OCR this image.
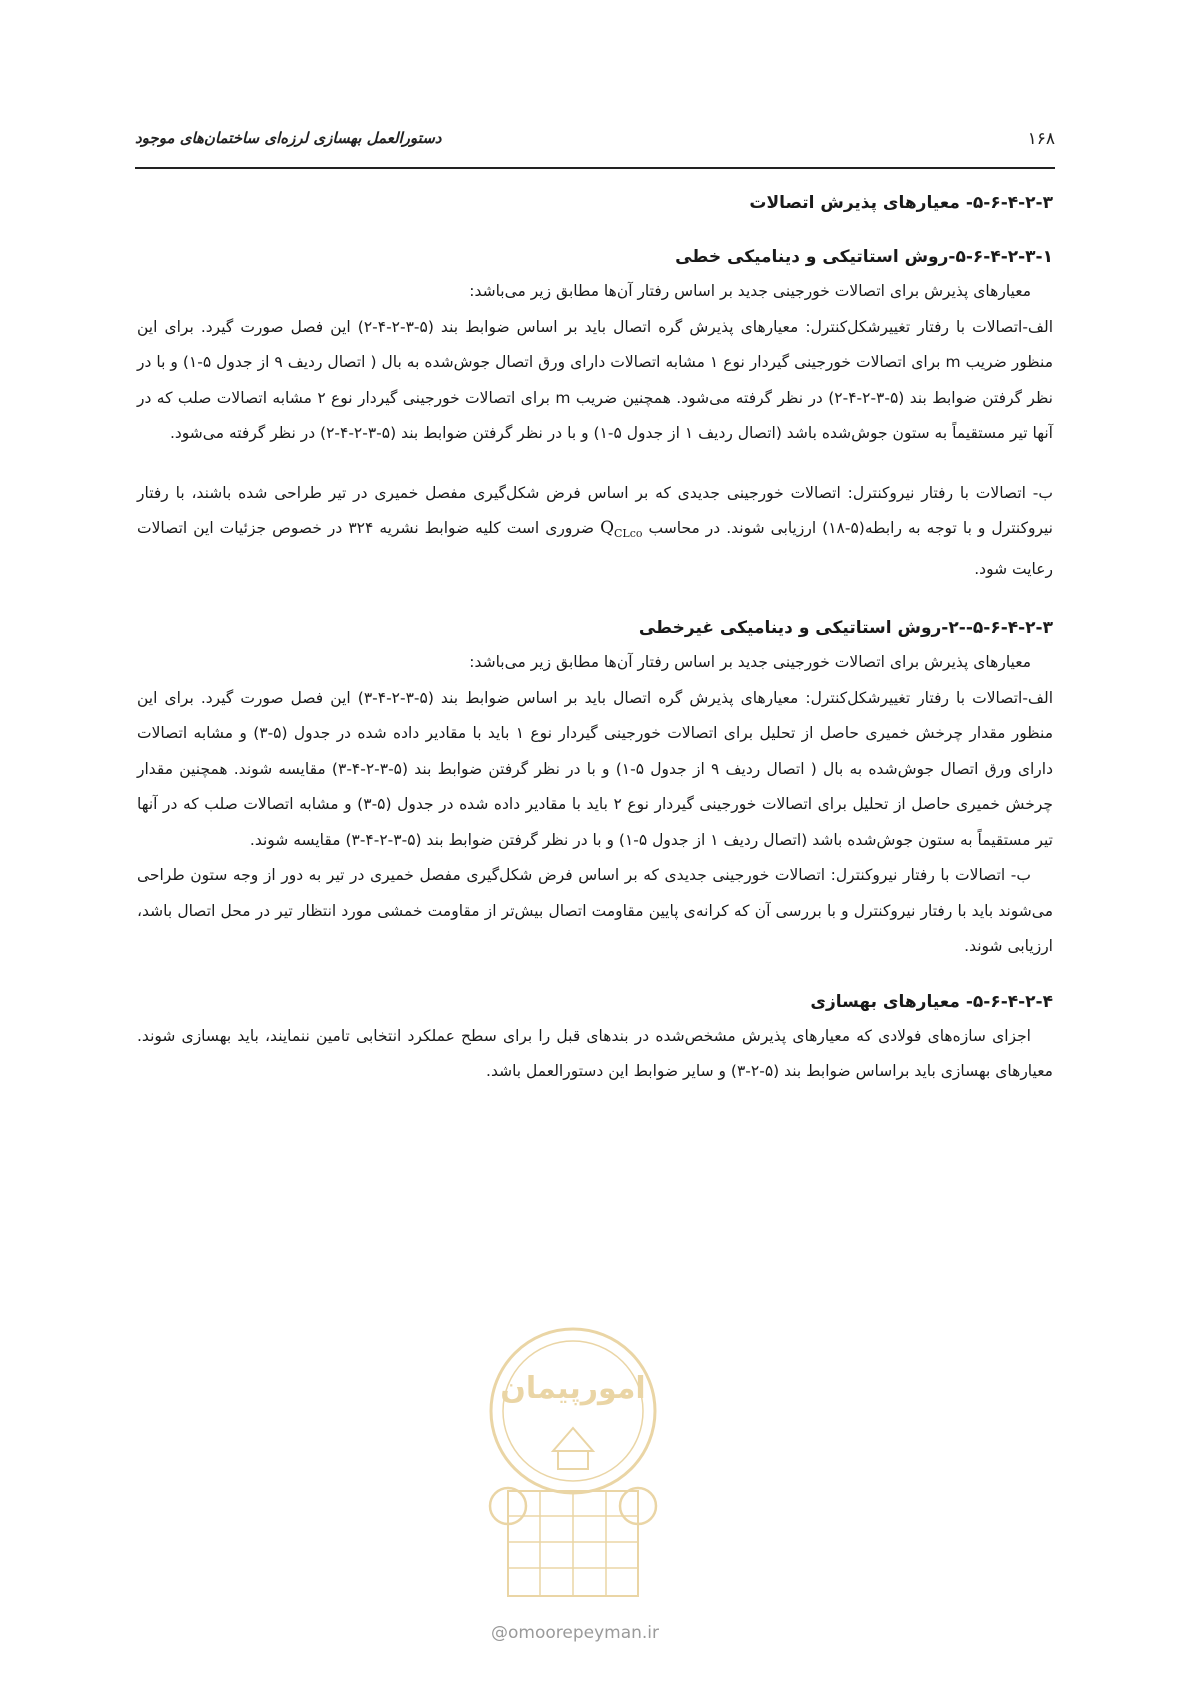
۱۶۸
دستورالعمل بهسازی لرزه‌ای ساختمان‌های موجود
۵-۶-۴-۲-۳- معیارهای پذیرش اتصالات
۵-۶-۴-۲-۳-۱-روش استاتیکی و دینامیکی خطی

معیارهای پذیرش برای اتصالات خورجینی جدید بر اساس رفتار آن‌ها مطابق زیر می‌باشد:

الف-اتصالات با رفتار تغییرشکل‌کنترل: معیارهای پذیرش گره اتصال باید بر اساس ضوابط بند (۵-۳-۲-۴-۲) این فصل صورت گیرد. برای این منظور ضریب m برای اتصالات خورجینی گیردار نوع ۱ مشابه اتصالات دارای ورق اتصال جوش‌شده به بال ( اتصال ردیف ۹ از جدول ۵-۱) و با در نظر گرفتن ضوابط بند (۵-۳-۲-۴-۲) در نظر گرفته می‌شود. همچنین ضریب m برای اتصالات خورجینی گیردار نوع ۲ مشابه اتصالات صلب که در آنها تیر مستقیماً به ستون جوش‌شده باشد (اتصال ردیف ۱ از جدول ۵-۱) و با در نظر گرفتن ضوابط بند (۵-۳-۲-۴-۲) در نظر گرفته می‌شود.

ب- اتصالات با رفتار نیروکنترل: اتصالات خورجینی جدیدی که بر اساس فرض شکل‌گیری مفصل خمیری در تیر طراحی شده باشند، با رفتار نیروکنترل و با توجه به رابطه(۵-۱۸) ارزیابی شوند. در محاسب $Q_{CLco}$ ضروری است کلیه ضوابط نشریه ۳۲۴ در خصوص جزئیات این اتصالات رعایت شود.

۵-۶-۴-۲-۳--۲-روش استاتیکی و دینامیکی غیرخطی

معیارهای پذیرش برای اتصالات خورجینی جدید بر اساس رفتار آن‌ها مطابق زیر می‌باشد:

الف-اتصالات با رفتار تغییرشکل‌کنترل: معیارهای پذیرش گره اتصال باید بر اساس ضوابط بند (۵-۳-۲-۴-۳) این فصل صورت گیرد. برای این منظور مقدار چرخش خمیری حاصل از تحلیل برای اتصالات خورجینی گیردار نوع ۱ باید با مقادیر داده شده در جدول (۵-۳) و مشابه اتصالات دارای ورق اتصال جوش‌شده به بال ( اتصال ردیف ۹ از جدول ۵-۱) و با در نظر گرفتن ضوابط بند (۵-۳-۲-۴-۳) مقایسه شوند. همچنین مقدار چرخش خمیری حاصل از تحلیل برای اتصالات خورجینی گیردار نوع ۲ باید با مقادیر داده شده در جدول (۵-۳) و مشابه اتصالات صلب که در آنها تیر مستقیماً به ستون جوش‌شده باشد (اتصال ردیف ۱ از جدول ۵-۱) و با در نظر گرفتن ضوابط بند (۵-۳-۲-۴-۳) مقایسه شوند.

ب- اتصالات با رفتار نیروکنترل: اتصالات خورجینی جدیدی که بر اساس فرض شکل‌گیری مفصل خمیری در تیر به دور از وجه ستون طراحی می‌شوند باید با رفتار نیروکنترل و با بررسی آن که کرانه‌ی پایین مقاومت اتصال بیش‌تر از مقاومت خمشی مورد انتظار تیر در محل اتصال باشد، ارزیابی شوند.

۵-۶-۴-۲-۴- معیارهای بهسازی

اجزای سازه‌های فولادی که معیارهای پذیرش مشخص‌شده در بندهای قبل را برای سطح عملکرد انتخابی تامین ننمایند، باید بهسازی شوند. معیارهای بهسازی باید براساس ضوابط بند (۵-۲-۳) و سایر ضوابط این دستورالعمل باشد.

امورپیمان
@omoorepeyman.ir
